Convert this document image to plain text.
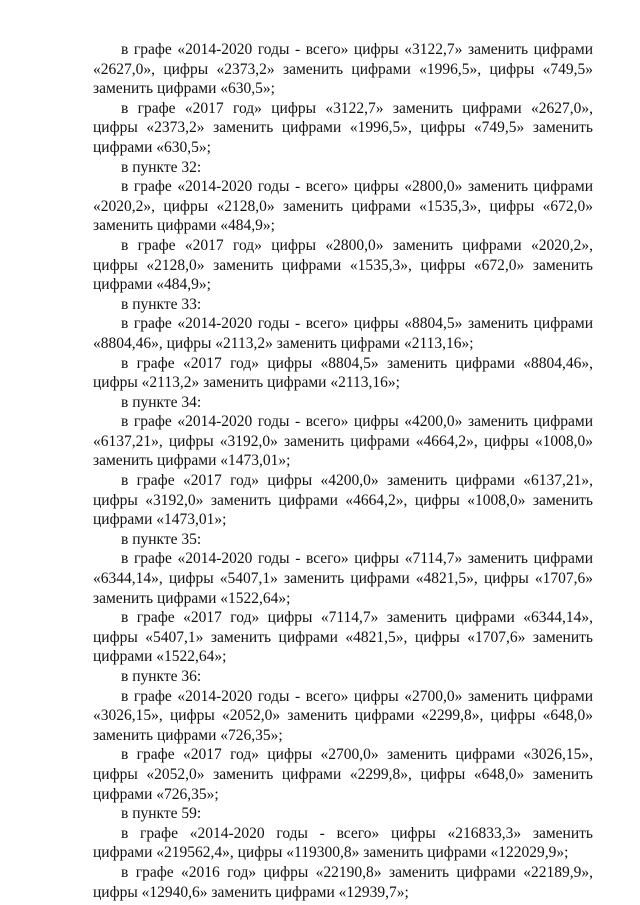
в графе «2014-2020 годы - всего» цифры «3122,7» заменить цифрами «2627,0», цифры «2373,2» заменить цифрами «1996,5», цифры «749,5» заменить цифрами «630,5»;

в графе «2017 год» цифры «3122,7» заменить цифрами «2627,0», цифры «2373,2» заменить цифрами «1996,5», цифры «749,5» заменить цифрами «630,5»;

в пункте 32:

в графе «2014-2020 годы - всего» цифры «2800,0» заменить цифрами «2020,2», цифры «2128,0» заменить цифрами «1535,3», цифры «672,0» заменить цифрами «484,9»;

в графе «2017 год» цифры «2800,0» заменить цифрами «2020,2», цифры «2128,0» заменить цифрами «1535,3», цифры «672,0» заменить цифрами «484,9»;

в пункте 33:

в графе «2014-2020 годы - всего» цифры «8804,5» заменить цифрами «8804,46», цифры «2113,2» заменить цифрами «2113,16»;

в графе «2017 год» цифры «8804,5» заменить цифрами «8804,46», цифры «2113,2» заменить цифрами «2113,16»;

в пункте 34:

в графе «2014-2020 годы - всего» цифры «4200,0» заменить цифрами «6137,21», цифры «3192,0» заменить цифрами «4664,2», цифры «1008,0» заменить цифрами «1473,01»;

в графе «2017 год» цифры «4200,0» заменить цифрами «6137,21», цифры «3192,0» заменить цифрами «4664,2», цифры «1008,0» заменить цифрами «1473,01»;

в пункте 35:

в графе «2014-2020 годы - всего» цифры «7114,7» заменить цифрами «6344,14», цифры «5407,1» заменить цифрами «4821,5», цифры «1707,6» заменить цифрами «1522,64»;

в графе «2017 год» цифры «7114,7» заменить цифрами «6344,14», цифры «5407,1» заменить цифрами «4821,5», цифры «1707,6» заменить цифрами «1522,64»;

в пункте 36:

в графе «2014-2020 годы - всего» цифры «2700,0» заменить цифрами «3026,15», цифры «2052,0» заменить цифрами «2299,8», цифры «648,0» заменить цифрами «726,35»;

в графе «2017 год» цифры «2700,0» заменить цифрами «3026,15», цифры «2052,0» заменить цифрами «2299,8», цифры «648,0» заменить цифрами «726,35»;

в пункте 59:

в графе «2014-2020 годы - всего» цифры «216833,3» заменить цифрами «219562,4», цифры «119300,8» заменить цифрами «122029,9»;

в графе «2016 год» цифры «22190,8» заменить цифрами «22189,9», цифры «12940,6» заменить цифрами «12939,7»;
